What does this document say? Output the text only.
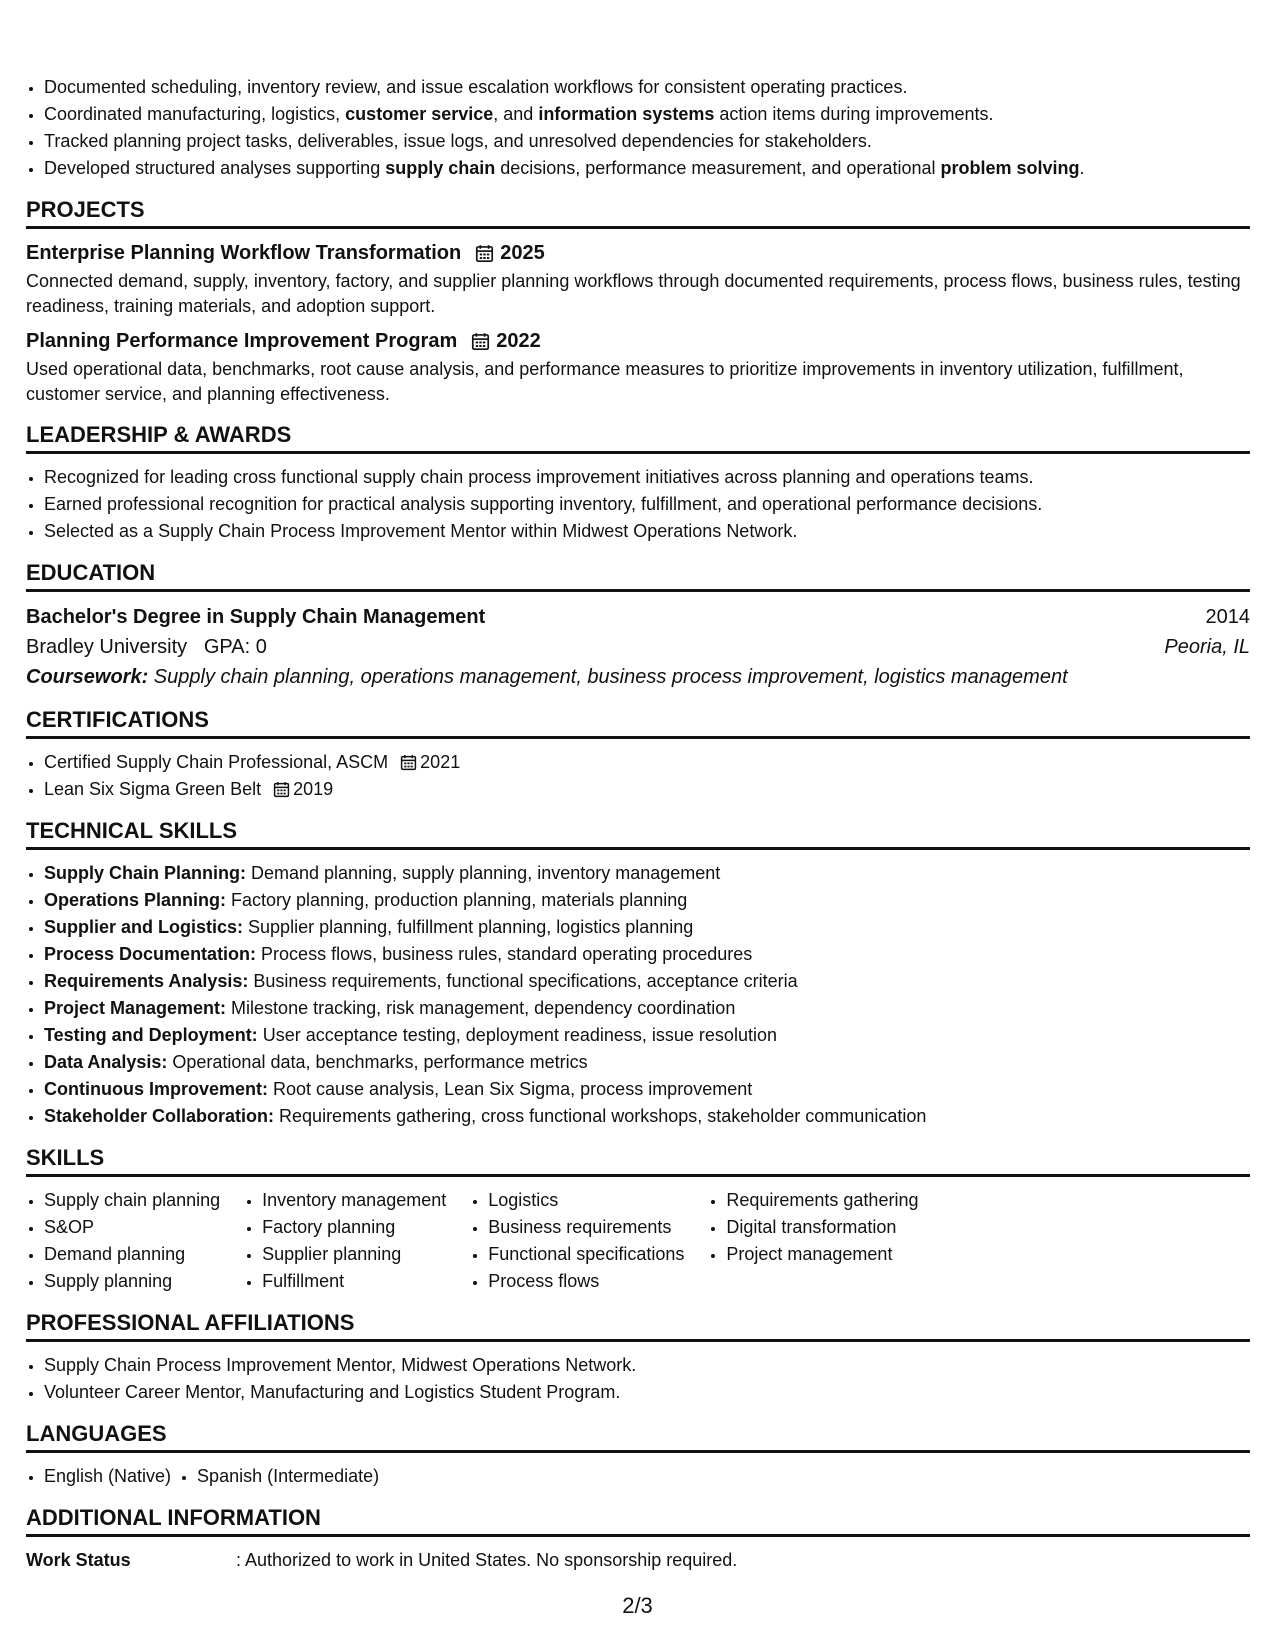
• Documented scheduling, inventory review, and issue escalation workflows for consistent operating practices.
• Coordinated manufacturing, logistics, customer service, and information systems action items during improvements.
• Tracked planning project tasks, deliverables, issue logs, and unresolved dependencies for stakeholders.
• Developed structured analyses supporting supply chain decisions, performance measurement, and operational problem solving.
PROJECTS
Enterprise Planning Workflow Transformation 2025
Connected demand, supply, inventory, factory, and supplier planning workflows through documented requirements, process flows, business rules, testing readiness, training materials, and adoption support.
Planning Performance Improvement Program 2022
Used operational data, benchmarks, root cause analysis, and performance measures to prioritize improvements in inventory utilization, fulfillment, customer service, and planning effectiveness.
LEADERSHIP & AWARDS
• Recognized for leading cross functional supply chain process improvement initiatives across planning and operations teams.
• Earned professional recognition for practical analysis supporting inventory, fulfillment, and operational performance decisions.
• Selected as a Supply Chain Process Improvement Mentor within Midwest Operations Network.
EDUCATION
Bachelor's Degree in Supply Chain Management	2014
Bradley University   GPA: 0	Peoria, IL
Coursework: Supply chain planning, operations management, business process improvement, logistics management
CERTIFICATIONS
• Certified Supply Chain Professional, ASCM 2021
• Lean Six Sigma Green Belt 2019
TECHNICAL SKILLS
• Supply Chain Planning: Demand planning, supply planning, inventory management
• Operations Planning: Factory planning, production planning, materials planning
• Supplier and Logistics: Supplier planning, fulfillment planning, logistics planning
• Process Documentation: Process flows, business rules, standard operating procedures
• Requirements Analysis: Business requirements, functional specifications, acceptance criteria
• Project Management: Milestone tracking, risk management, dependency coordination
• Testing and Deployment: User acceptance testing, deployment readiness, issue resolution
• Data Analysis: Operational data, benchmarks, performance metrics
• Continuous Improvement: Root cause analysis, Lean Six Sigma, process improvement
• Stakeholder Collaboration: Requirements gathering, cross functional workshops, stakeholder communication
SKILLS
• Supply chain planning
• S&OP
• Demand planning
• Supply planning
• Inventory management
• Factory planning
• Supplier planning
• Fulfillment
• Logistics
• Business requirements
• Functional specifications
• Process flows
• Requirements gathering
• Digital transformation
• Project management
PROFESSIONAL AFFILIATIONS
• Supply Chain Process Improvement Mentor, Midwest Operations Network.
• Volunteer Career Mentor, Manufacturing and Logistics Student Program.
LANGUAGES
• English (Native)
• Spanish (Intermediate)
ADDITIONAL INFORMATION
Work Status	: Authorized to work in United States. No sponsorship required.
2/3
